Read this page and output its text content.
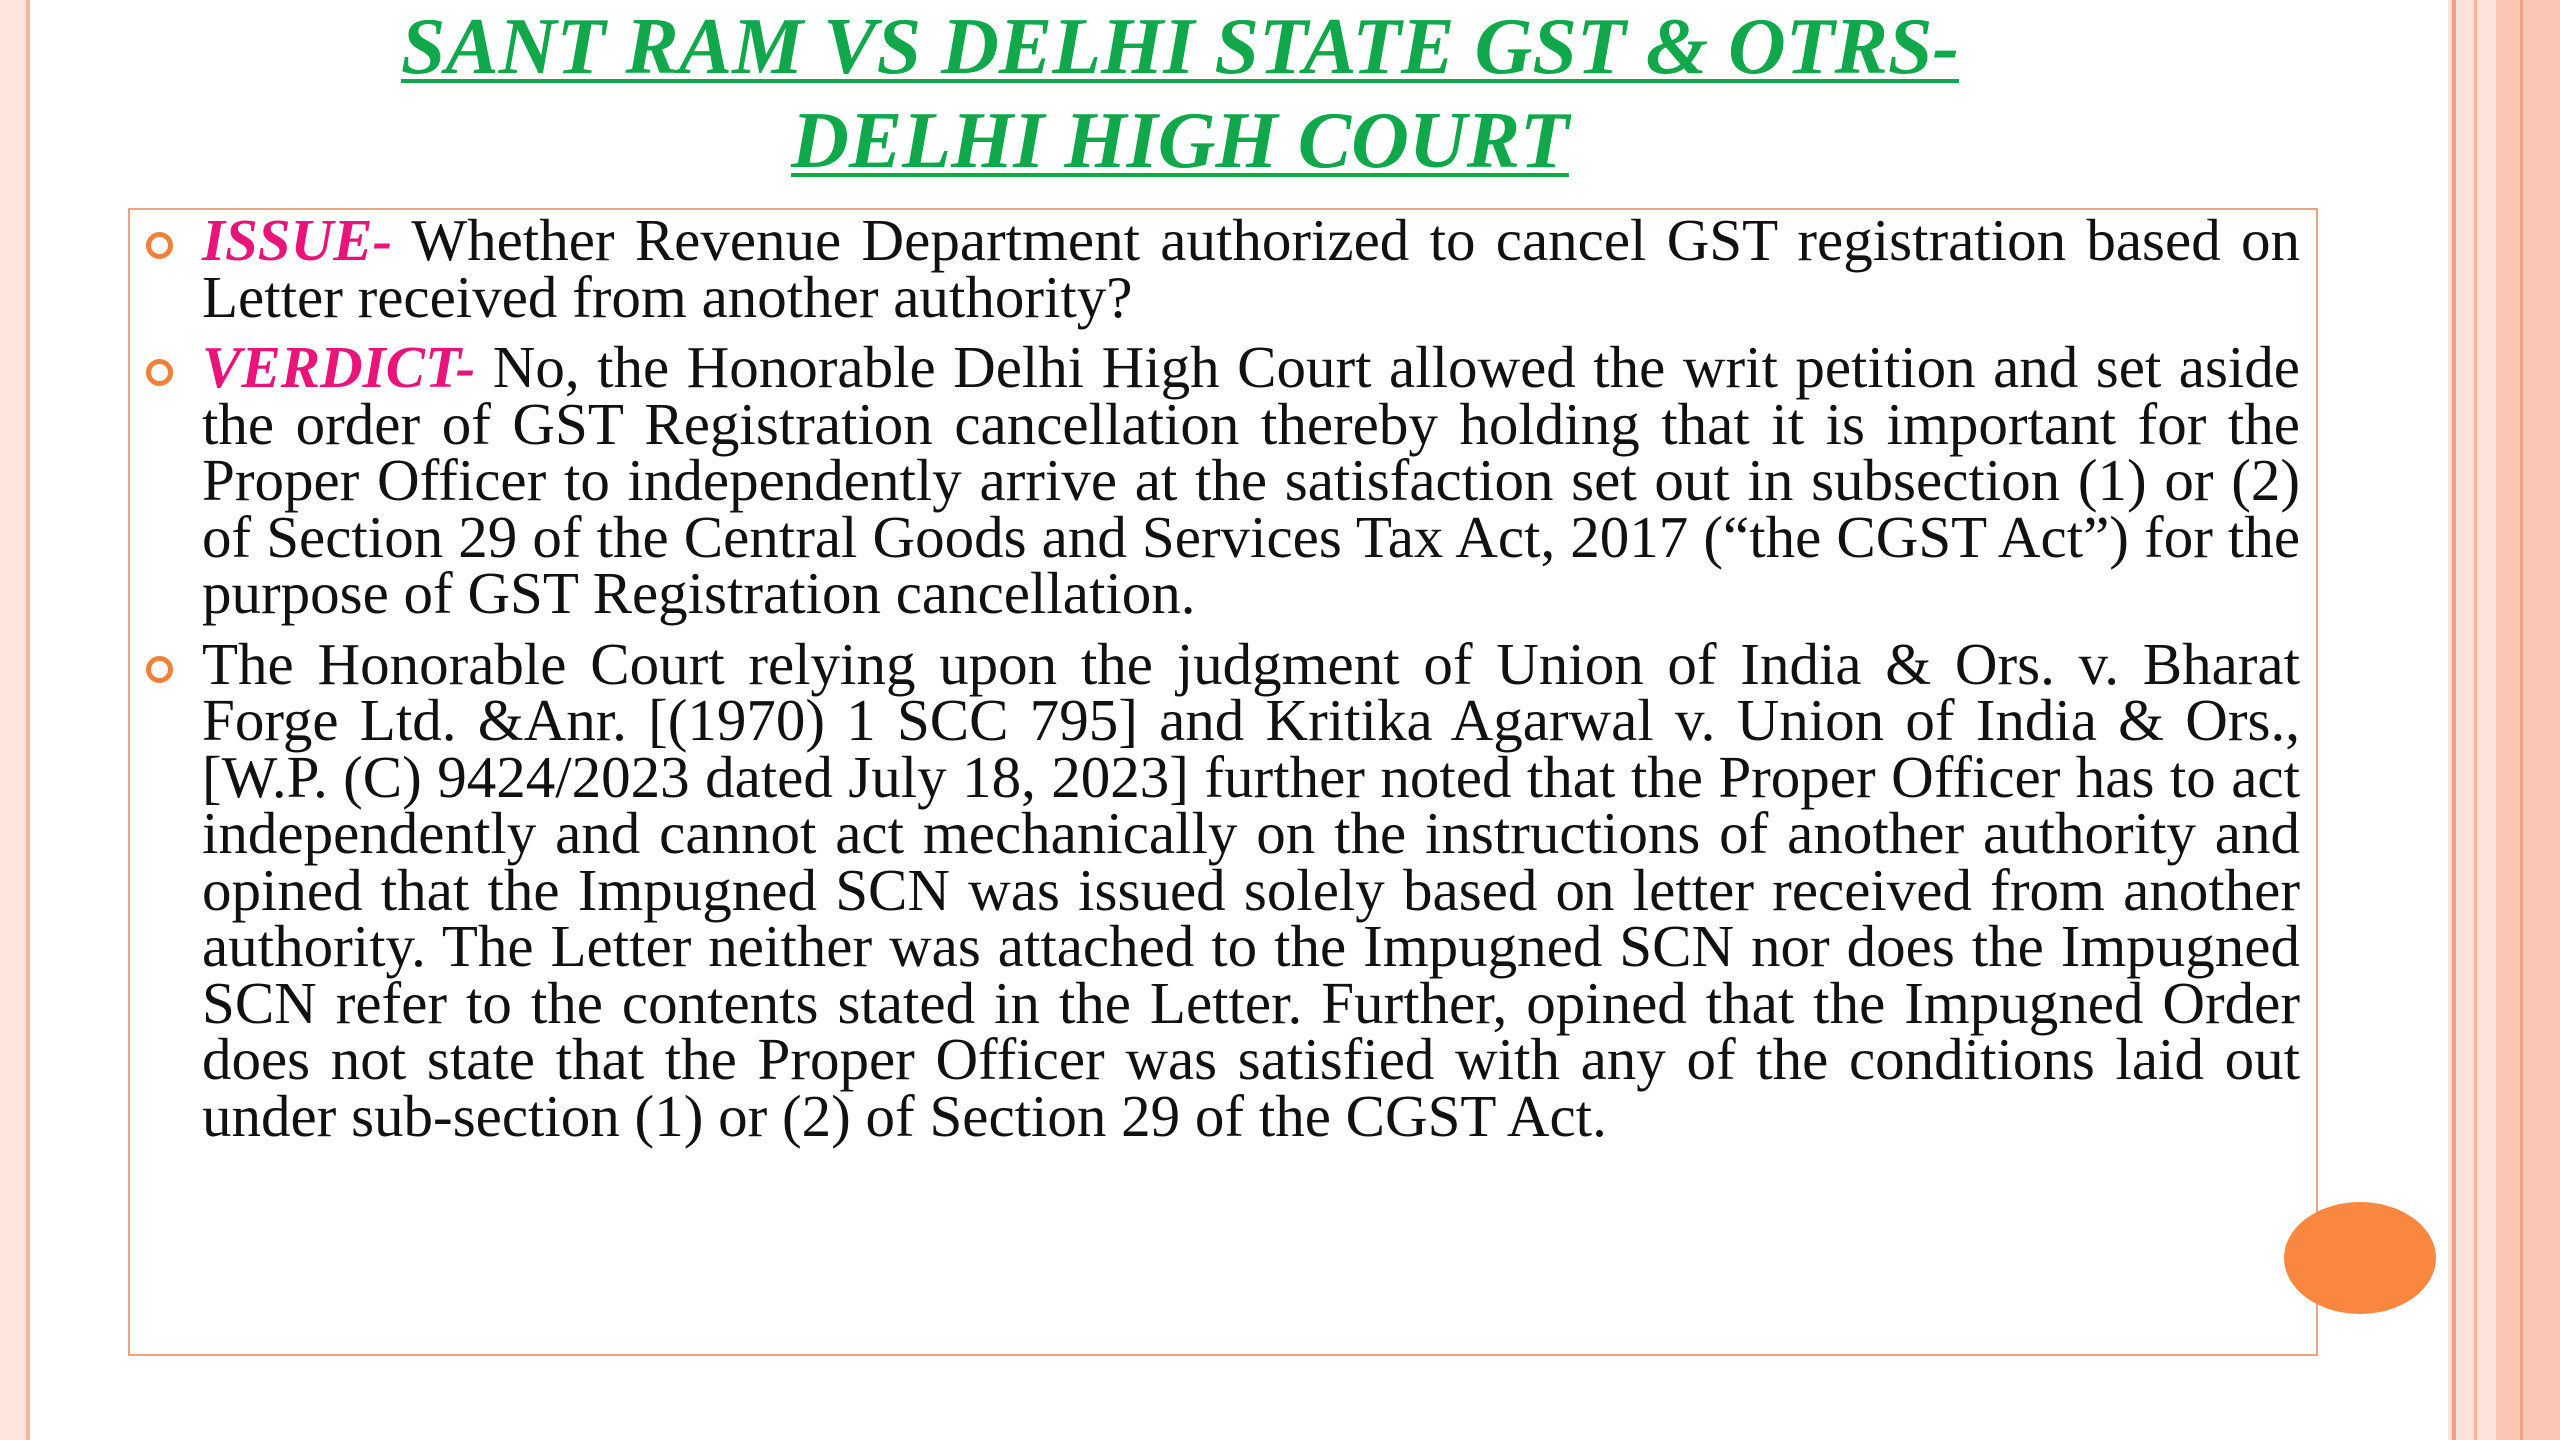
SANT RAM VS DELHI STATE GST & OTRS-
DELHI HIGH COURT
ISSUE- Whether Revenue Department authorized to cancel GST registration based on Letter received from another authority?
VERDICT- No, the Honorable Delhi High Court allowed the writ petition and set aside the order of GST Registration cancellation thereby holding that it is important for the Proper Officer to independently arrive at the satisfaction set out in subsection (1) or (2) of Section 29 of the Central Goods and Services Tax Act, 2017 (“the CGST Act”) for the purpose of GST Registration cancellation.
The Honorable Court relying upon the judgment of Union of India & Ors. v. Bharat Forge Ltd. &Anr. [(1970) 1 SCC 795] and Kritika Agarwal v. Union of India & Ors., [W.P. (C) 9424/2023 dated July 18, 2023] further noted that the Proper Officer has to act independently and cannot act mechanically on the instructions of another authority and opined that the Impugned SCN was issued solely based on letter received from another authority. The Letter neither was attached to the Impugned SCN nor does the Impugned SCN refer to the contents stated in the Letter. Further, opined that the Impugned Order does not state that the Proper Officer was satisfied with any of the conditions laid out under sub-section (1) or (2) of Section 29 of the CGST Act.
